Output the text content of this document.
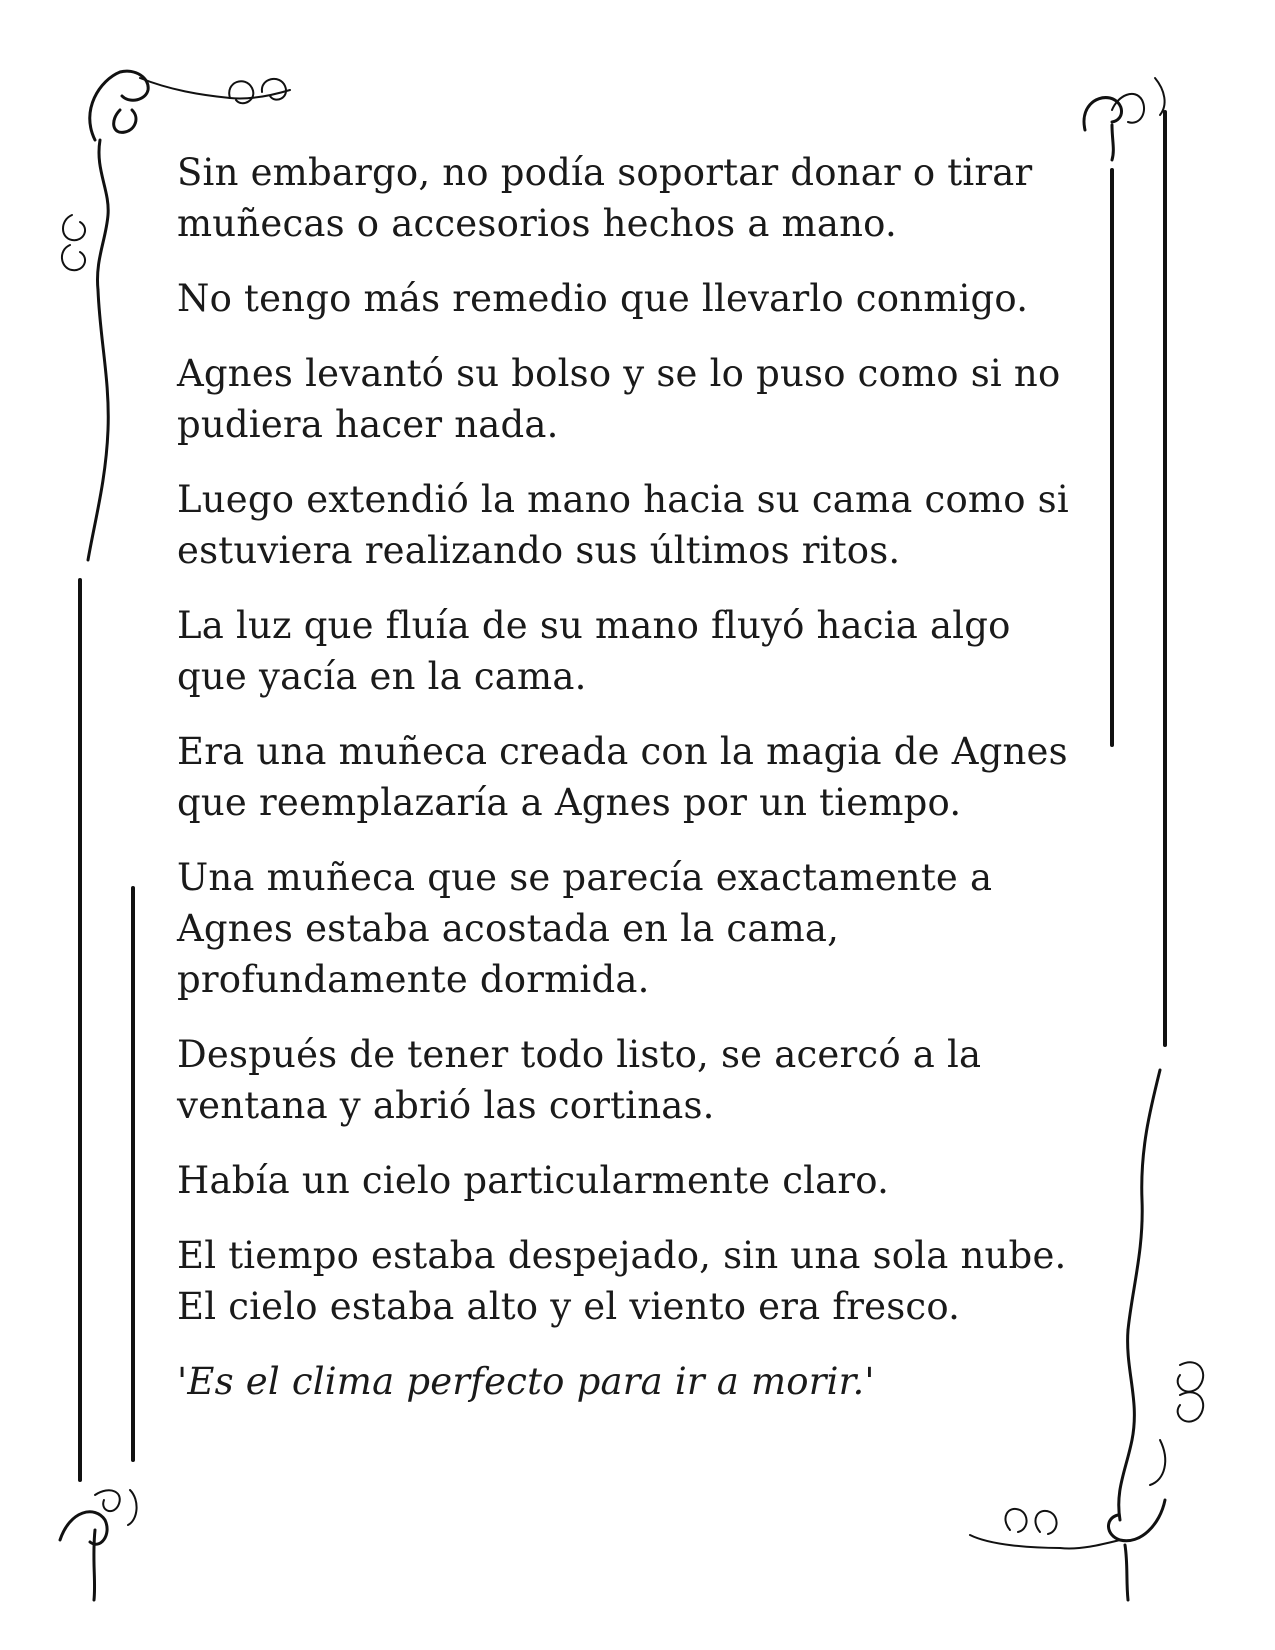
Sin embargo, no podía soportar donar o tirar
muñecas o accesorios hechos a mano.

No tengo más remedio que llevarlo conmigo.

Agnes levantó su bolso y se lo puso como si no
pudiera hacer nada.

Luego extendió la mano hacia su cama como si
estuviera realizando sus últimos ritos.

La luz que fluía de su mano fluyó hacia algo
que yacía en la cama.

Era una muñeca creada con la magia de Agnes
que reemplazaría a Agnes por un tiempo.

Una muñeca que se parecía exactamente a
Agnes estaba acostada en la cama,
profundamente dormida.

Después de tener todo listo, se acercó a la
ventana y abrió las cortinas.

Había un cielo particularmente claro.

El tiempo estaba despejado, sin una sola nube.
El cielo estaba alto y el viento era fresco.

'Es el clima perfecto para ir a morir.'
